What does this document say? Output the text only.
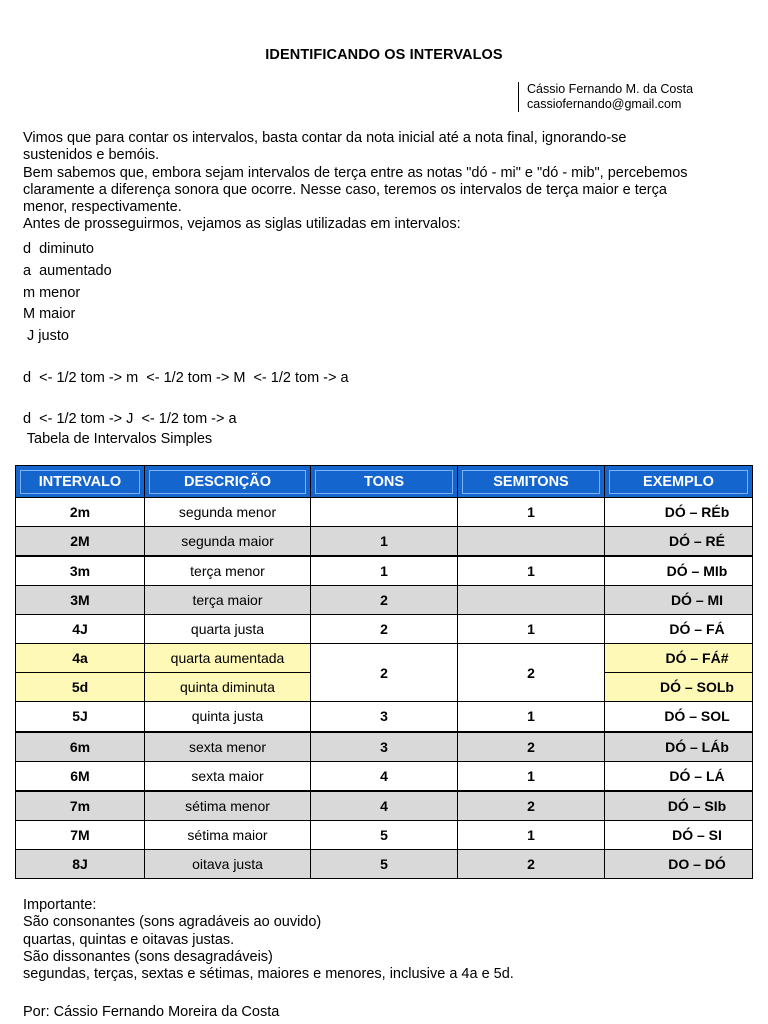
IDENTIFICANDO OS INTERVALOS
Cássio Fernando M. da Costa
cassiofernando@gmail.com
Vimos que para contar os intervalos, basta contar da nota inicial até a nota final, ignorando-se
sustenidos e bemóis.
Bem sabemos que, embora sejam intervalos de terça entre as notas "dó - mi" e "dó - mib", percebemos
claramente a diferença sonora que ocorre. Nesse caso, teremos os intervalos de terça maior e terça
menor, respectivamente.
Antes de prosseguirmos, vejamos as siglas utilizadas em intervalos:
d  diminuto
a  aumentado
m menor
M maior
J justo
d  <- 1/2 tom -> m  <- 1/2 tom -> M  <- 1/2 tom -> a
d  <- 1/2 tom -> J  <- 1/2 tom -> a
Tabela de Intervalos Simples
INTERVALO	DESCRIÇÃO	TONS	SEMITONS	EXEMPLO

2m	segunda menor		1	DÓ – RÉb
2M	segunda maior	1		DÓ – RÉ
3m	terça menor	1	1	DÓ – MIb
3M	terça maior	2		DÓ – MI
4J	quarta justa	2	1	DÓ – FÁ
4a	quarta aumentada	2	2	DÓ – FÁ#
5d	quinta diminuta			DÓ – SOLb
5J	quinta justa	3	1	DÓ – SOL
6m	sexta menor	3	2	DÓ – LÁb
6M	sexta maior	4	1	DÓ – LÁ
7m	sétima menor	4	2	DÓ – SIb
7M	sétima maior	5	1	DÓ – SI
8J	oitava justa	5	2	DO – DÓ
Importante:
São consonantes (sons agradáveis ao ouvido)
quartas, quintas e oitavas justas.
São dissonantes (sons desagradáveis)
segundas, terças, sextas e sétimas, maiores e menores, inclusive a 4a e 5d.
Por: Cássio Fernando Moreira da Costa
